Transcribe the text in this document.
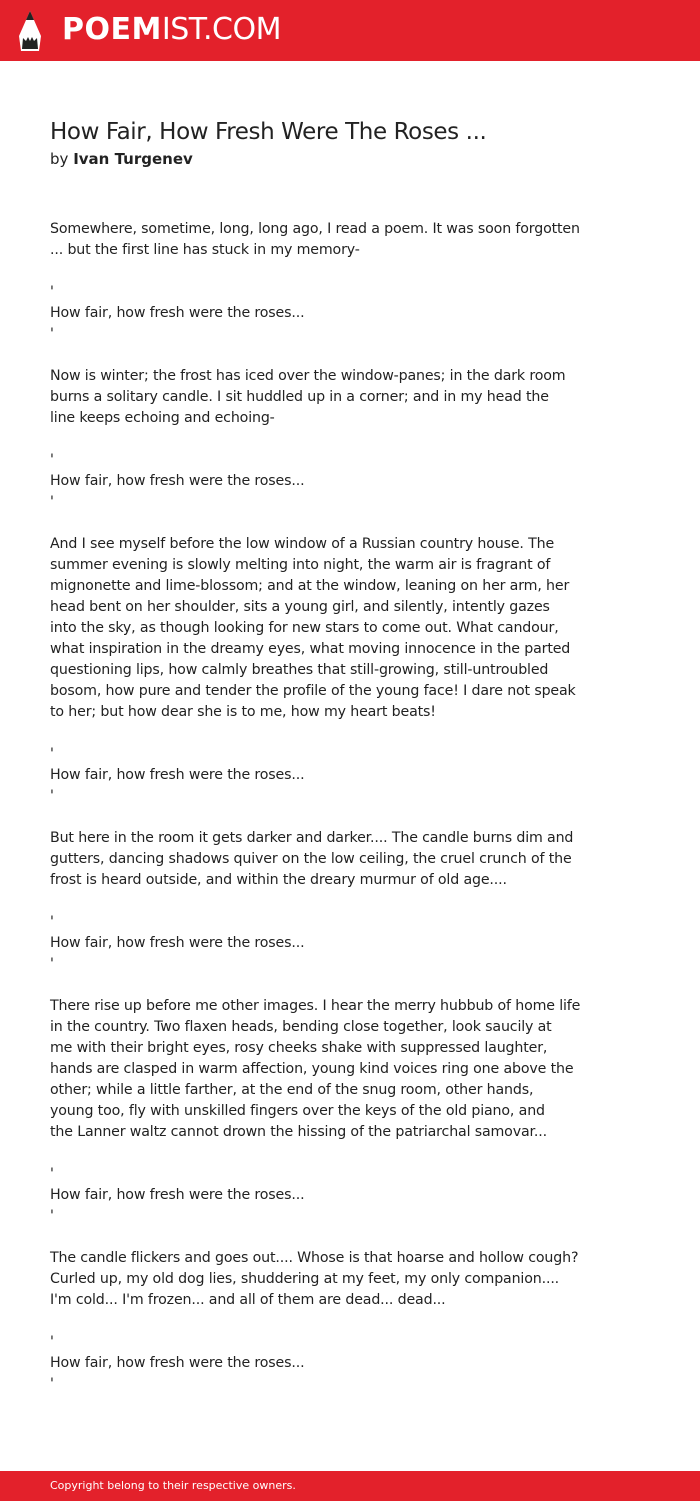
POEMIST.COM
How Fair, How Fresh Were The Roses ...
by Ivan Turgenev

Somewhere, sometime, long, long ago, I read a poem. It was soon forgotten
... but the first line has stuck in my memory-

'
How fair, how fresh were the roses...
'

Now is winter; the frost has iced over the window-panes; in the dark room
burns a solitary candle. I sit huddled up in a corner; and in my head the
line keeps echoing and echoing-

'
How fair, how fresh were the roses...
'

And I see myself before the low window of a Russian country house. The
summer evening is slowly melting into night, the warm air is fragrant of
mignonette and lime-blossom; and at the window, leaning on her arm, her
head bent on her shoulder, sits a young girl, and silently, intently gazes
into the sky, as though looking for new stars to come out. What candour,
what inspiration in the dreamy eyes, what moving innocence in the parted
questioning lips, how calmly breathes that still-growing, still-untroubled
bosom, how pure and tender the profile of the young face! I dare not speak
to her; but how dear she is to me, how my heart beats!

'
How fair, how fresh were the roses...
'

But here in the room it gets darker and darker.... The candle burns dim and
gutters, dancing shadows quiver on the low ceiling, the cruel crunch of the
frost is heard outside, and within the dreary murmur of old age....

'
How fair, how fresh were the roses...
'

There rise up before me other images. I hear the merry hubbub of home life
in the country. Two flaxen heads, bending close together, look saucily at
me with their bright eyes, rosy cheeks shake with suppressed laughter,
hands are clasped in warm affection, young kind voices ring one above the
other; while a little farther, at the end of the snug room, other hands,
young too, fly with unskilled fingers over the keys of the old piano, and
the Lanner waltz cannot drown the hissing of the patriarchal samovar...

'
How fair, how fresh were the roses...
'

The candle flickers and goes out.... Whose is that hoarse and hollow cough?
Curled up, my old dog lies, shuddering at my feet, my only companion....
I'm cold... I'm frozen... and all of them are dead... dead...

'
How fair, how fresh were the roses...
'

Copyright belong to their respective owners.
